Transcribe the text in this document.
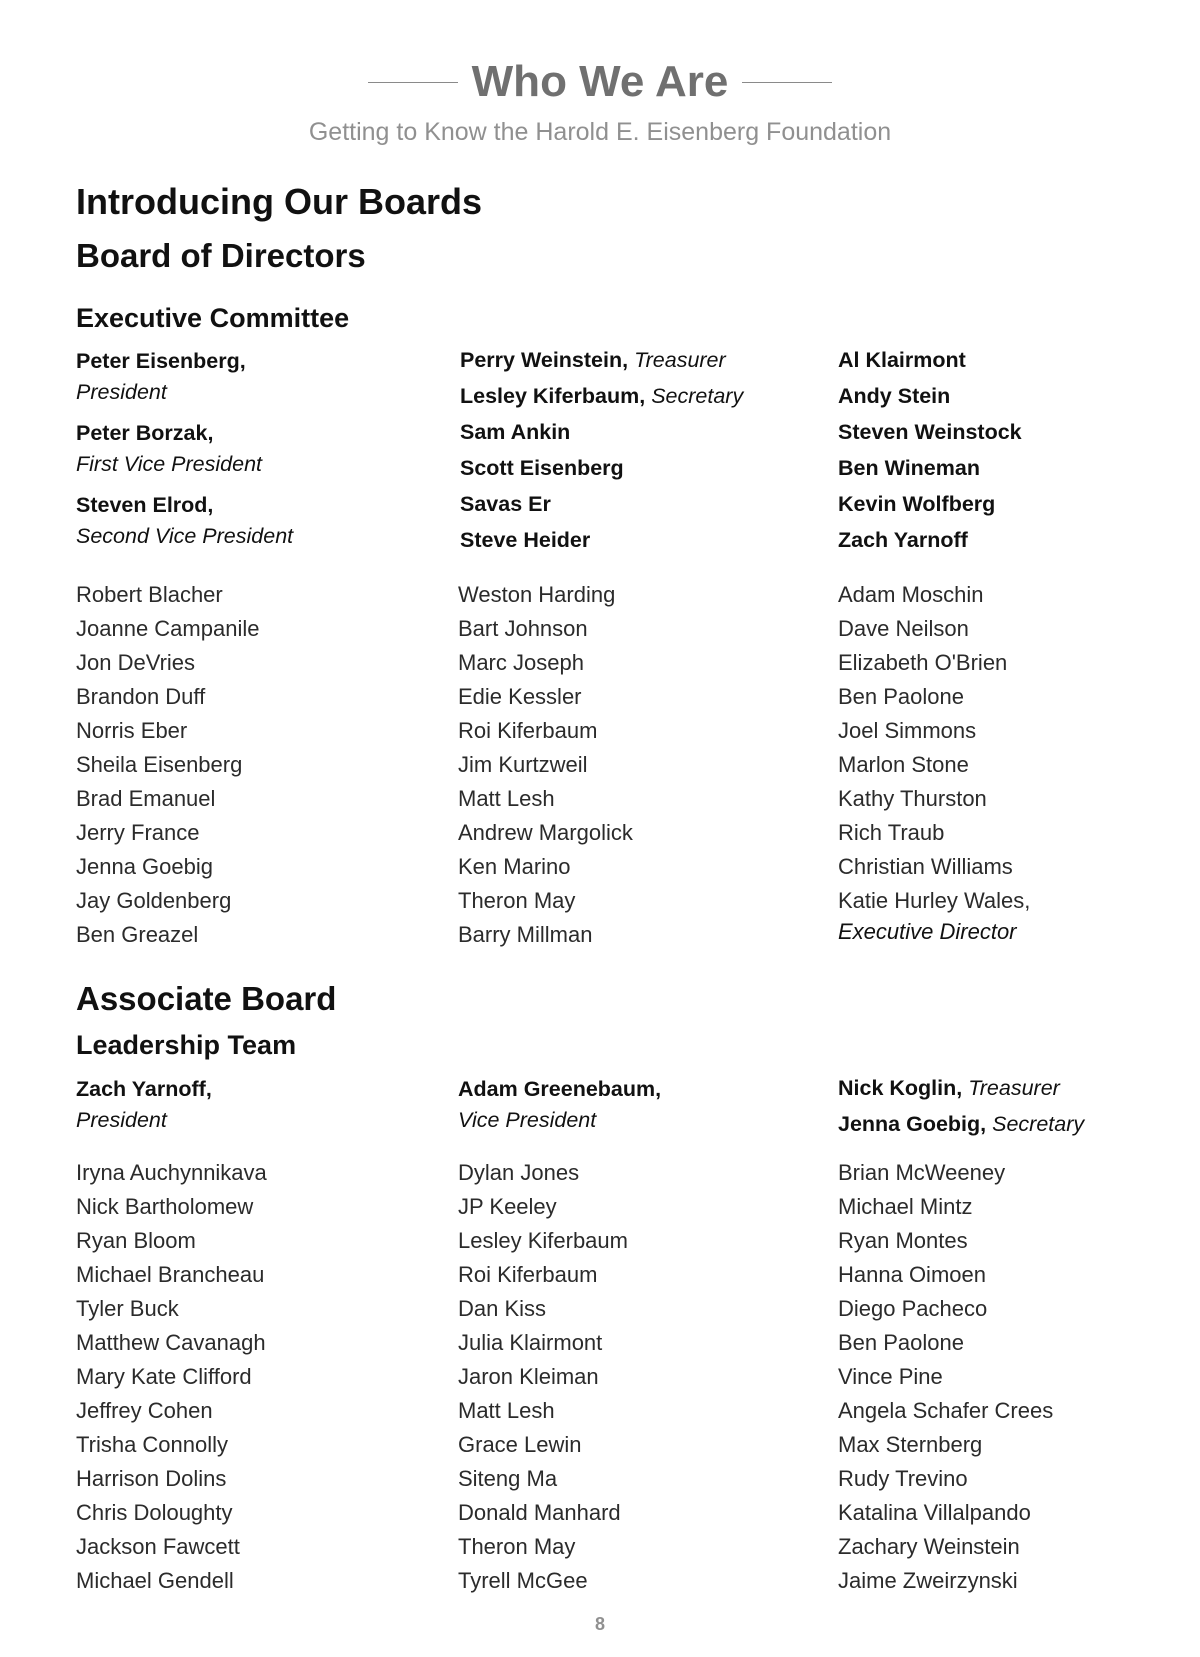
Who We Are
Getting to Know the Harold E. Eisenberg Foundation
Introducing Our Boards
Board of Directors
Executive Committee
Peter Eisenberg,
President
Peter Borzak,
First Vice President
Steven Elrod,
Second Vice President
Perry Weinstein, Treasurer
Lesley Kiferbaum, Secretary
Sam Ankin
Scott Eisenberg
Savas Er
Steve Heider
Al Klairmont
Andy Stein
Steven Weinstock
Ben Wineman
Kevin Wolfberg
Zach Yarnoff
Robert Blacher
Joanne Campanile
Jon DeVries
Brandon Duff
Norris Eber
Sheila Eisenberg
Brad Emanuel
Jerry France
Jenna Goebig
Jay Goldenberg
Ben Greazel
Weston Harding
Bart Johnson
Marc Joseph
Edie Kessler
Roi Kiferbaum
Jim Kurtzweil
Matt Lesh
Andrew Margolick
Ken Marino
Theron May
Barry Millman
Adam Moschin
Dave Neilson
Elizabeth O'Brien
Ben Paolone
Joel Simmons
Marlon Stone
Kathy Thurston
Rich Traub
Christian Williams
Katie Hurley Wales,
Executive Director
Associate Board
Leadership Team
Zach Yarnoff,
President
Adam Greenebaum,
Vice President
Nick Koglin, Treasurer
Jenna Goebig, Secretary
Iryna Auchynnikava
Nick Bartholomew
Ryan Bloom
Michael Brancheau
Tyler Buck
Matthew Cavanagh
Mary Kate Clifford
Jeffrey Cohen
Trisha Connolly
Harrison Dolins
Chris Doloughty
Jackson Fawcett
Michael Gendell
Dylan Jones
JP Keeley
Lesley Kiferbaum
Roi Kiferbaum
Dan Kiss
Julia Klairmont
Jaron Kleiman
Matt Lesh
Grace Lewin
Siteng Ma
Donald Manhard
Theron May
Tyrell McGee
Brian McWeeney
Michael Mintz
Ryan Montes
Hanna Oimoen
Diego Pacheco
Ben Paolone
Vince Pine
Angela Schafer Crees
Max Sternberg
Rudy Trevino
Katalina Villalpando
Zachary Weinstein
Jaime Zweirzynski
8
